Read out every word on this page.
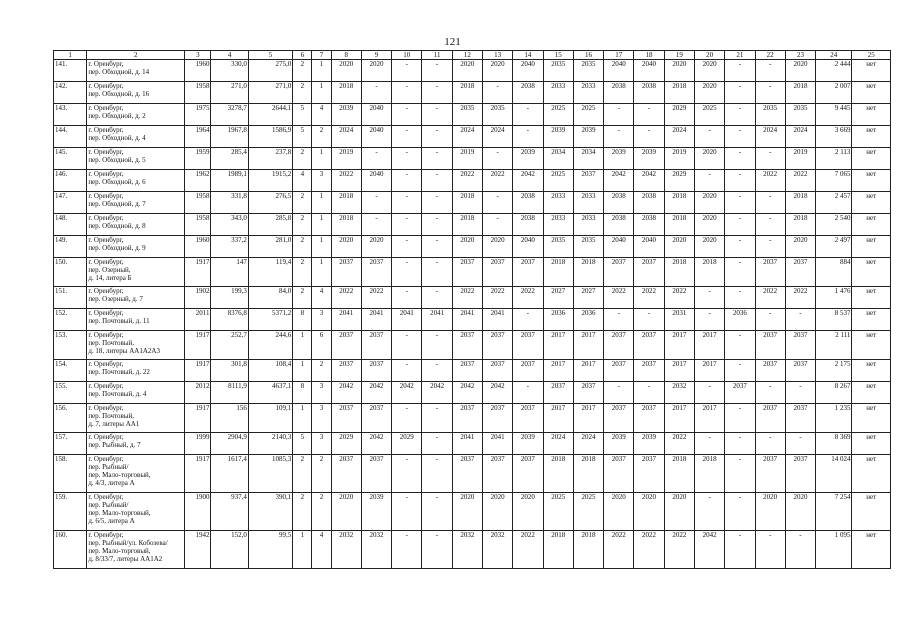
121
1	2	3	4	5	6	7	8	9	10	11	12	13	14	15	16	17	18	19	20	21	22	23	24	25
141.	г. Оренбург,
пер. Обходной, д. 14	1960	330,0	275,0	2	1	2020	2020	-	-	2020	2020	2040	2035	2035	2040	2040	2020	2020	-	-	2020	2 444	нет
142.	г. Оренбург,
пер. Обходной, д. 16	1958	271,0	271,0	2	1	2018	-	-	-	2018	-	2038	2033	2033	2038	2038	2018	2020	-	-	2018	2 007	нет
143.	г. Оренбург,
пер. Обходной, д. 2	1975	3278,7	2644,1	5	4	2039	2040	-	-	2035	2035	-	2025	2025	-	-	2029	2025	-	2035	2035	9 445	нет
144.	г. Оренбург,
пер. Обходной, д. 4	1964	1967,8	1586,9	5	2	2024	2040	-	-	2024	2024	-	2039	2039	-	-	2024	-	-	2024	2024	3 669	нет
145.	г. Оренбург,
пер. Обходной, д. 5	1959	285,4	237,8	2	1	2019	-	-	-	2019	-	2039	2034	2034	2039	2039	2019	2020	-	-	2019	2 113	нет
146.	г. Оренбург,
пер. Обходной, д. 6	1962	1989,1	1915,2	4	3	2022	2040	-	-	2022	2022	2042	2025	2037	2042	2042	2029	-	-	2022	2022	7 065	нет
147.	г. Оренбург,
пер. Обходной, д. 7	1958	331,8	276,5	2	1	2018	-	-	-	2018	-	2038	2033	2033	2038	2038	2018	2020	-	-	2018	2 457	нет
148.	г. Оренбург,
пер. Обходной, д. 8	1958	343,0	285,8	2	1	2018	-	-	-	2018	-	2038	2033	2033	2038	2038	2018	2020	-	-	2018	2 540	нет
149.	г. Оренбург,
пер. Обходной, д. 9	1960	337,2	281,0	2	1	2020	2020	-	-	2020	2020	2040	2035	2035	2040	2040	2020	2020	-	-	2020	2 497	нет
150.	г. Оренбург,
пер. Озерный,
д. 14, литера Б	1917	147	119,4	2	1	2037	2037	-	-	2037	2037	2037	2018	2018	2037	2037	2018	2018	-	2037	2037	884	нет
151.	г. Оренбург,
пер. Озерный, д. 7	1902	199,3	84,0	2	4	2022	2022	-	-	2022	2022	2022	2027	2027	2022	2022	2022	-	-	2022	2022	1 476	нет
152.	г. Оренбург,
пер. Почтовый, д. 11	2011	8376,8	5371,2	8	3	2041	2041	2041	2041	2041	2041	-	2036	2036	-	-	2031	-	2036	-	-	8 537	нет
153.	г. Оренбург,
пер. Почтовый,
д. 18, литеры АА1А2А3	1917	252,7	244,6	1	6	2037	2037	-	-	2037	2037	2037	2017	2017	2037	2037	2017	2017	-	2037	2037	2 111	нет
154.	г. Оренбург,
пер. Почтовый, д. 22	1917	301,8	108,4	1	2	2037	2037	-	-	2037	2037	2037	2017	2017	2037	2037	2017	2017	-	2037	2037	2 175	нет
155.	г. Оренбург,
пер. Почтовый, д. 4	2012	8111,9	4637,1	8	3	2042	2042	2042	2042	2042	2042	-	2037	2037	-	-	2032	-	2037	-	-	8 267	нет
156.	г. Оренбург,
пер. Почтовый,
д. 7, литеры АА1	1917	156	109,1	1	3	2037	2037	-	-	2037	2037	2037	2017	2017	2037	2037	2017	2017	-	2037	2037	1 235	нет
157.	г. Оренбург,
пер. Рыбный, д. 7	1999	2904,9	2140,3	5	3	2029	2042	2029	-	2041	2041	2039	2024	2024	2039	2039	2022	-	-	-	-	8 369	нет
158.	г. Оренбург,
пер. Рыбный/
пер. Мало-торговый,
д. 4/3, литера А	1917	1617,4	1085,3	2	2	2037	2037	-	-	2037	2037	2037	2018	2018	2037	2037	2018	2018	-	2037	2037	14 024	нет
159.	г. Оренбург,
пер. Рыбный/
пер. Мало-торговый,
д. 6/5, литера А	1900	937,4	390,1	2	2	2020	2039	-	-	2020	2020	2020	2025	2025	2020	2020	2020	-	-	2020	2020	7 254	нет
160.	г. Оренбург,
пер. Рыбный/ул. Кобозева/
пер. Мало-торговый,
д. 8/33/7, литеры АА1А2	1942	152,0	99,5	1	4	2032	2032	-	-	2032	2032	2022	2018	2018	2022	2022	2022	2042	-	-	-	1 095	нет
